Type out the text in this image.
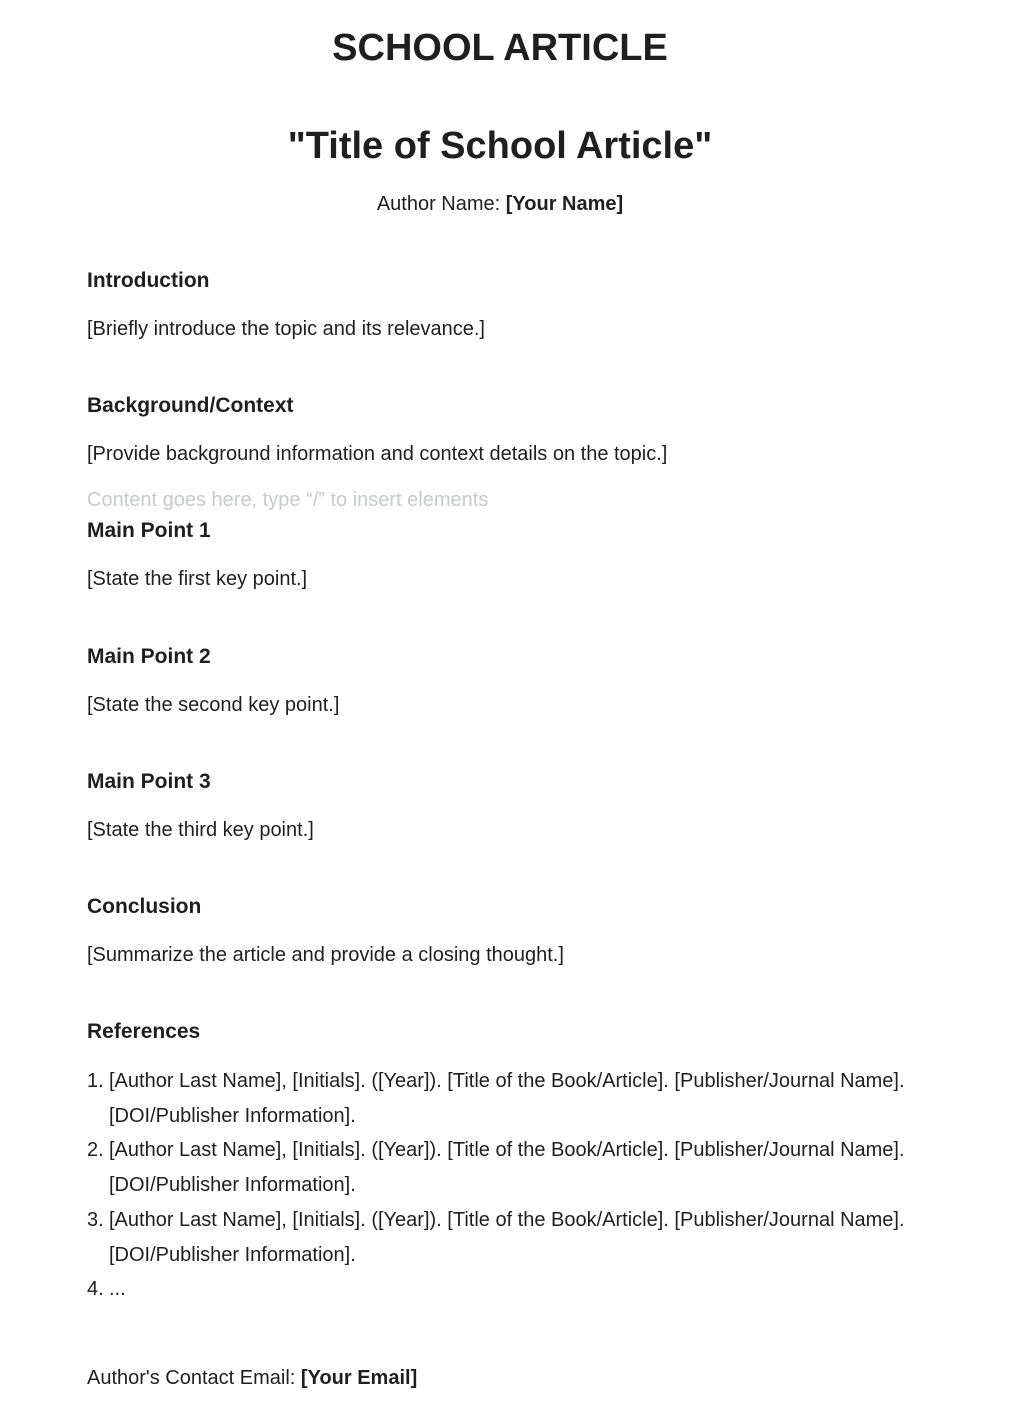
SCHOOL ARTICLE
"Title of School Article"
Author Name: [Your Name]
Introduction

[Briefly introduce the topic and its relevance.]

Background/Context

[Provide background information and context details on the topic.]

Content goes here, type “/” to insert elements
Main Point 1

[State the first key point.]

Main Point 2

[State the second key point.]

Main Point 3

[State the third key point.]

Conclusion

[Summarize the article and provide a closing thought.]

References
1. [Author Last Name], [Initials]. ([Year]). [Title of the Book/Article]. [Publisher/Journal Name]. [DOI/Publisher Information].
2. [Author Last Name], [Initials]. ([Year]). [Title of the Book/Article]. [Publisher/Journal Name]. [DOI/Publisher Information].
3. [Author Last Name], [Initials]. ([Year]). [Title of the Book/Article]. [Publisher/Journal Name]. [DOI/Publisher Information].
4. ...
Author's Contact Email: [Your Email]
